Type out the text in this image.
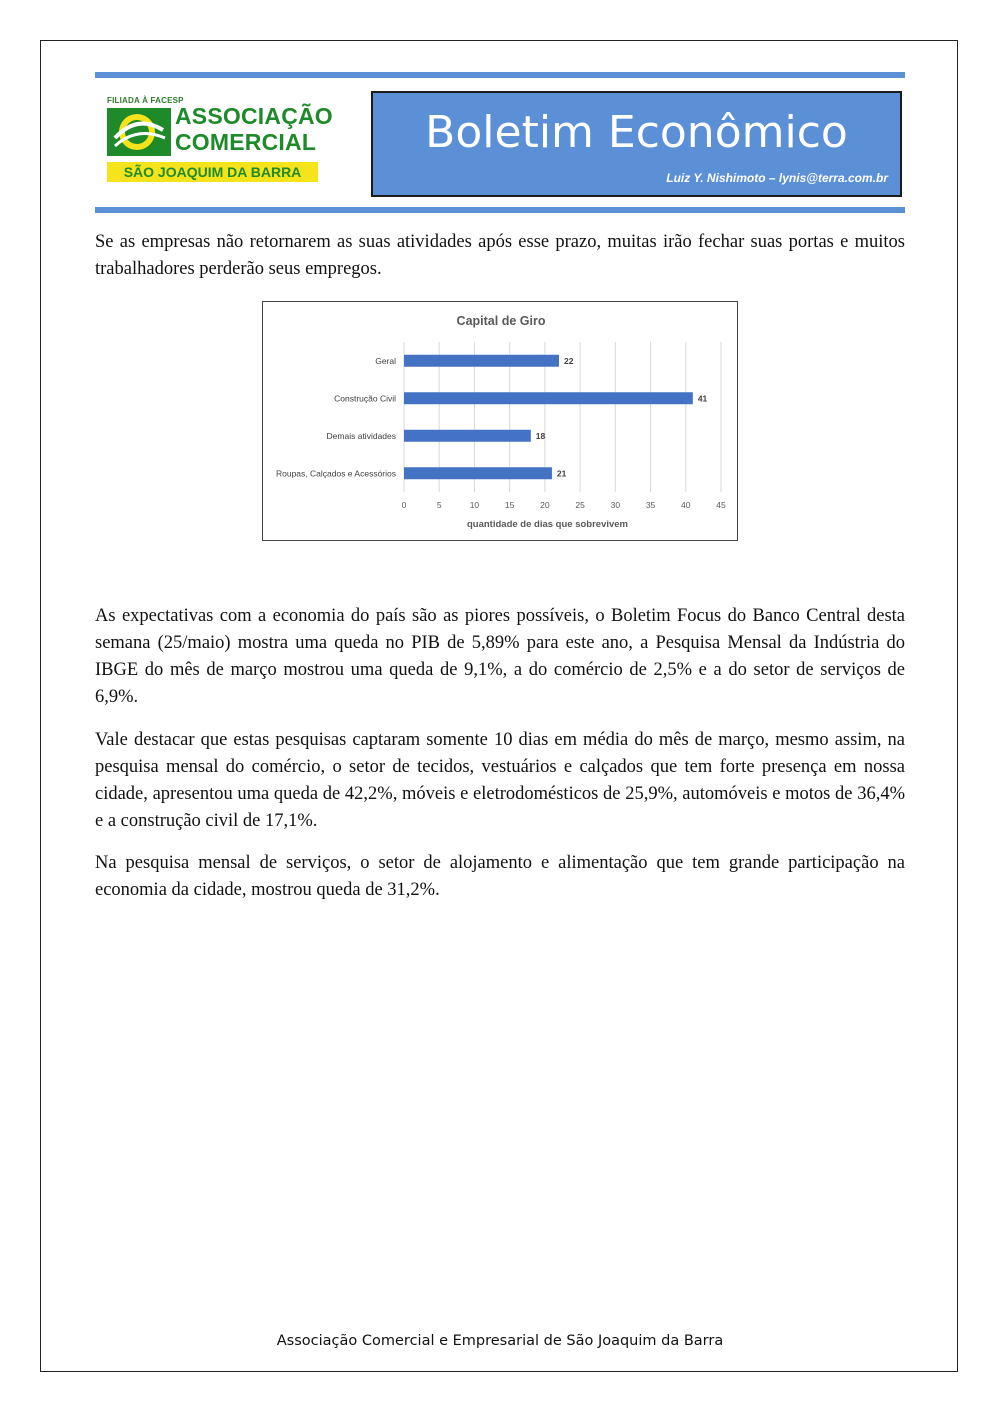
FILIADA À FACESP
ASSOCIAÇÃO
COMERCIAL
SÃO JOAQUIM DA BARRA
Boletim Econômico
Luiz Y. Nishimoto – lynis@terra.com.br

Se as empresas não retornarem as suas atividades após esse prazo, muitas irão fechar suas portas e muitos trabalhadores perderão seus empregos.

Capital de Giro
0	5	10	15	20	25	30	35	40	45
Geral	22
Construção Civil	41
Demais atividades	18
Roupas, Calçados e Acessórios	21
quantidade de dias que sobrevivem

As expectativas com a economia do país são as piores possíveis, o Boletim Focus do Banco Central desta semana (25/maio) mostra uma queda no PIB de 5,89% para este ano, a Pesquisa Mensal da Indústria do IBGE do mês de março mostrou uma queda de 9,1%, a do comércio de 2,5% e a do setor de serviços de 6,9%.

Vale destacar que estas pesquisas captaram somente 10 dias em média do mês de março, mesmo assim, na pesquisa mensal do comércio, o setor de tecidos, vestuários e calçados que tem forte presença em nossa cidade, apresentou uma queda de 42,2%, móveis e eletrodomésticos de 25,9%, automóveis e motos de 36,4% e a construção civil de 17,1%.

Na pesquisa mensal de serviços, o setor de alojamento e alimentação que tem grande participação na economia da cidade, mostrou queda de 31,2%.

Associação Comercial e Empresarial de São Joaquim da Barra
